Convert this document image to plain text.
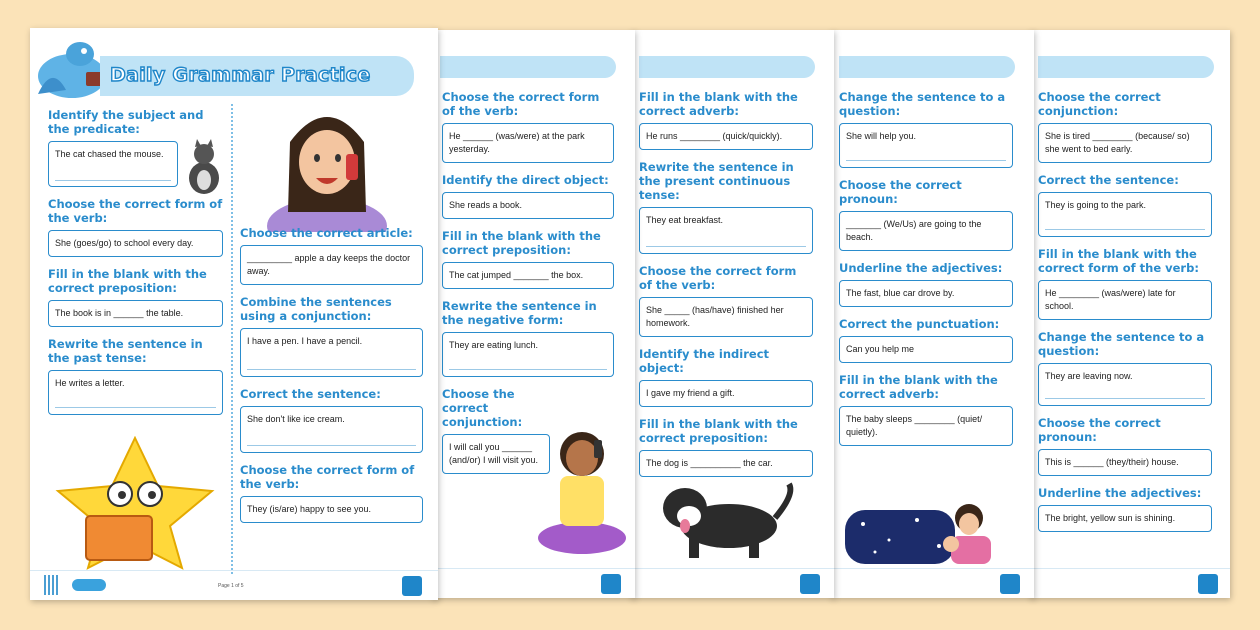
Daily Grammar Practice
Identify the subject and the predicate:
The cat chased the mouse.
Choose the correct form of the verb:
She (goes/go) to school every day.
Fill in the blank with the correct preposition:
The book is in ______ the table.
Rewrite the sentence in the past tense:
He writes a letter.
Choose the correct article:
_________ apple a day keeps the doctor away.
Combine the sentences using a conjunction:
I have a pen. I have a pencil.
Correct the sentence:
She don't like ice cream.
Choose the correct form of the verb:
They (is/are) happy to see you.
Page 1 of 5
Choose the correct form of the verb:
He ______ (was/were) at the park yesterday.
Identify the direct object:
She reads a book.
Fill in the blank with the correct preposition:
The cat jumped _______ the box.
Rewrite the sentence in the negative form:
They are eating lunch.
Choose the correct conjunction:
I will call you ______ (and/or) I will visit you.
Fill in the blank with the correct adverb:
He runs ________ (quick/quickly).
Rewrite the sentence in the present continuous tense:
They eat breakfast.
Choose the correct form of the verb:
She _____ (has/have) finished her homework.
Identify the indirect object:
I gave my friend a gift.
Fill in the blank with the correct preposition:
The dog is __________ the car.
Change the sentence to a question:
She will help you.
Choose the correct pronoun:
_______ (We/Us) are going to the beach.
Underline the adjectives:
The fast, blue car drove by.
Correct the punctuation:
Can you help me
Fill in the blank with the correct adverb:
The baby sleeps ________ (quiet/ quietly).
Choose the correct conjunction:
She is tired ________ (because/ so) she went to bed early.
Correct the sentence:
They is going to the park.
Fill in the blank with the correct form of the verb:
He ________ (was/were) late for school.
Change the sentence to a question:
They are leaving now.
Choose the correct pronoun:
This is ______ (they/their) house.
Underline the adjectives:
The bright, yellow sun is shining.
